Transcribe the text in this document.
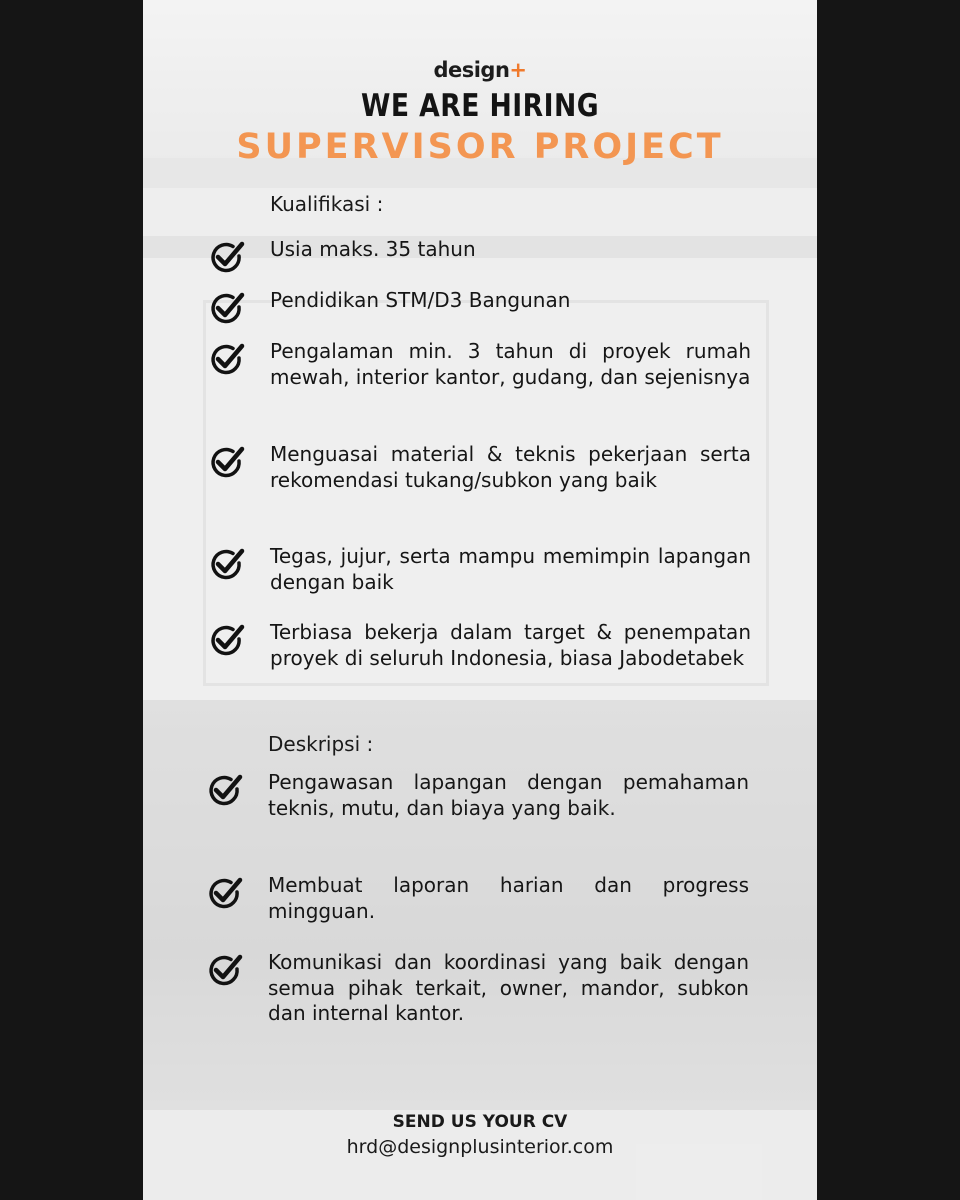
design+
WE ARE HIRING
SUPERVISOR PROJECT
Kualifikasi :
Usia maks. 35 tahun
Pendidikan STM/D3 Bangunan
Pengalaman min. 3 tahun di proyek rumah mewah, interior kantor, gudang, dan sejenisnya
Menguasai material & teknis pekerjaan serta rekomendasi tukang/subkon yang baik
Tegas, jujur, serta mampu memimpin lapangan dengan baik
Terbiasa bekerja dalam target & penempatan proyek di seluruh Indonesia, biasa Jabodetabek
Deskripsi :
Pengawasan lapangan dengan pemahaman teknis, mutu, dan biaya yang baik.
Membuat laporan harian dan progress mingguan.
Komunikasi dan koordinasi yang baik dengan semua pihak terkait, owner, mandor, subkon dan internal kantor.
SEND US YOUR CV
hrd@designplusinterior.com
